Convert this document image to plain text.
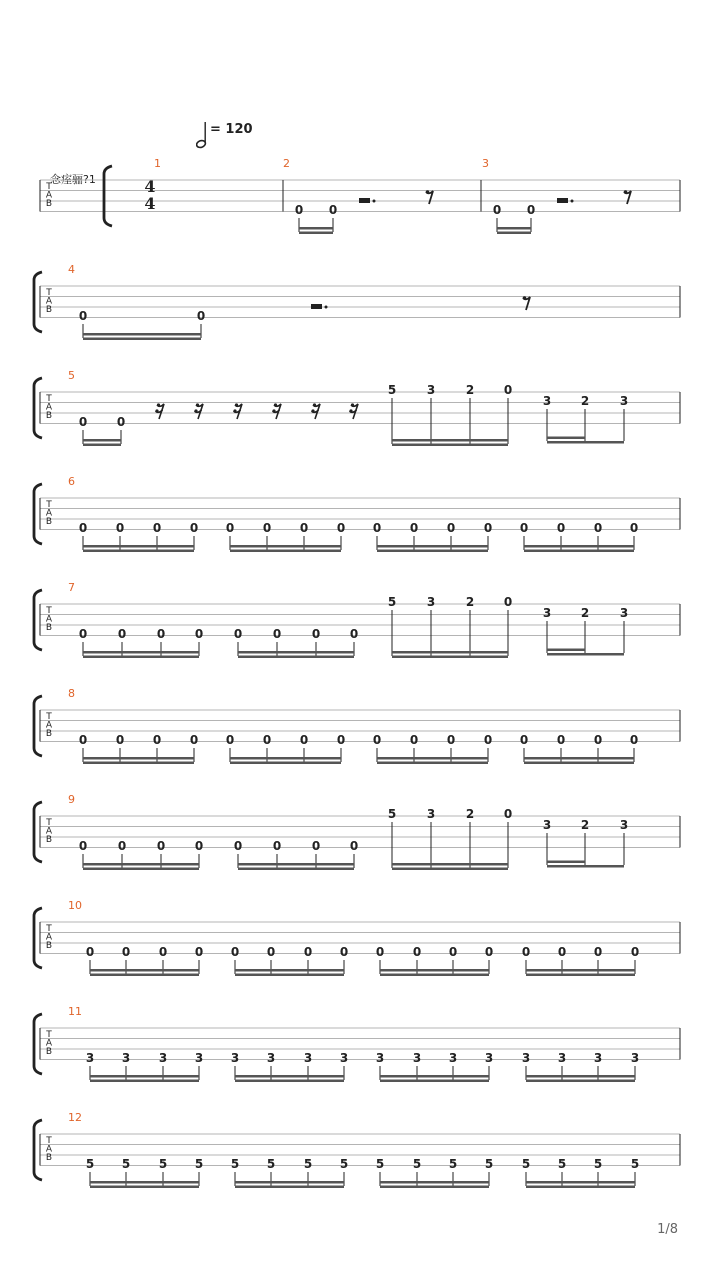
= 120
念痓骊?1
T
A
B
4
4
1	2	3
0 0	0 0
T
A
B
4
0	0
T
A
B
5
0 0
5	3	2 0
3 2	3
T
A
B
6
0 0 0 0 0 0 0 0 0 0 0 0 0 0 0 0
T
A
B
7
0	0	0 0	0	0	0 0
5	3	2 0
3 2	3
T
A
B
8
0 0 0 0 0 0 0 0 0 0 0 0 0 0 0 0
T
A
B
9
0	0	0 0	0	0	0 0
5	3	2 0
3 2	3
T
A
B
10
0 0 0 0 0 0 0 0 0 0 0 0 0 0 0 0
T
A
B
11
3 3 3 3 3 3 3 3 3 3 3 3 3 3 3 3
T
A
B
12
5 5 5 5 5 5 5 5 5 5 5 5 5 5 5 5
1/8
